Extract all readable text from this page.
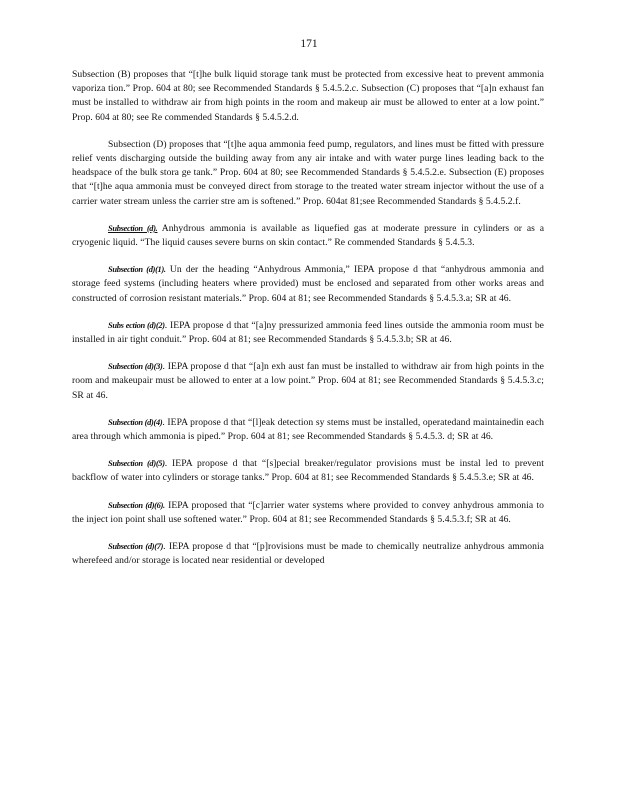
171

Subsection (B) proposes that “[t]he bulk liquid storage tank must be protected from excessive heat to prevent ammonia vaporiza tion.” Prop. 604 at 80; see Recommended Standards § 5.4.5.2.c. Subsection (C) proposes that “[a]n exhaust fan must be installed to withdraw air from high points in the room and makeup air must be allowed to enter at a low point.” Prop. 604 at 80; see Re commended Standards § 5.4.5.2.d.

Subsection (D) proposes that “[t]he aqua ammonia feed pump, regulators, and lines must be fitted with pressure relief vents discharging outside the building away from any air intake and with water purge lines leading back to the headspace of the bulk stora ge tank.” Prop. 604 at 80; see Recommended Standards § 5.4.5.2.e. Subsection (E) proposes that “[t]he aqua ammonia must be conveyed direct from storage to the treated water stream injector without the use of a carrier water stream unless the carrier stre am is softened.” Prop. 604at 81;see Recommended Standards § 5.4.5.2.f.

Subsection (d). Anhydrous ammonia is available as liquefied gas at moderate pressure in cylinders or as a cryogenic liquid. “The liquid causes severe burns on skin contact.” Re commended Standards § 5.4.5.3.

Subsection (d)(1). Un der the heading “Anhydrous Ammonia,” IEPA propose d that “anhydrous ammonia and storage feed systems (including heaters where provided) must be enclosed and separated from other works areas and constructed of corrosion resistant materials.” Prop. 604 at 81; see Recommended Standards § 5.4.5.3.a; SR at 46.

Subs ection (d)(2). IEPA propose d that “[a]ny pressurized ammonia feed lines outside the ammonia room must be installed in air tight conduit.” Prop. 604 at 81; see Recommended Standards § 5.4.5.3.b; SR at 46.

Subsection (d)(3). IEPA propose d that “[a]n exh aust fan must be installed to withdraw air from high points in the room and makeupair must be allowed to enter at a low point.” Prop. 604 at 81; see Recommended Standards § 5.4.5.3.c; SR at 46.

Subsection (d)(4). IEPA propose d that “[l]eak detection sy stems must be installed, operatedand maintainedin each area through which ammonia is piped.” Prop. 604 at 81; see Recommended Standards § 5.4.5.3. d; SR at 46.

Subsection (d)(5). IEPA propose d that “[s]pecial breaker/regulator provisions must be instal led to prevent backflow of water into cylinders or storage tanks.” Prop. 604 at 81; see Recommended Standards § 5.4.5.3.e; SR at 46.

Subsection (d)(6). IEPA proposed that “[c]arrier water systems where provided to convey anhydrous ammonia to the inject ion point shall use softened water.” Prop. 604 at 81; see Recommended Standards § 5.4.5.3.f; SR at 46.

Subsection (d)(7). IEPA propose d that “[p]rovisions must be made to chemically neutralize anhydrous ammonia wherefeed and/or storage is located near residential or developed
